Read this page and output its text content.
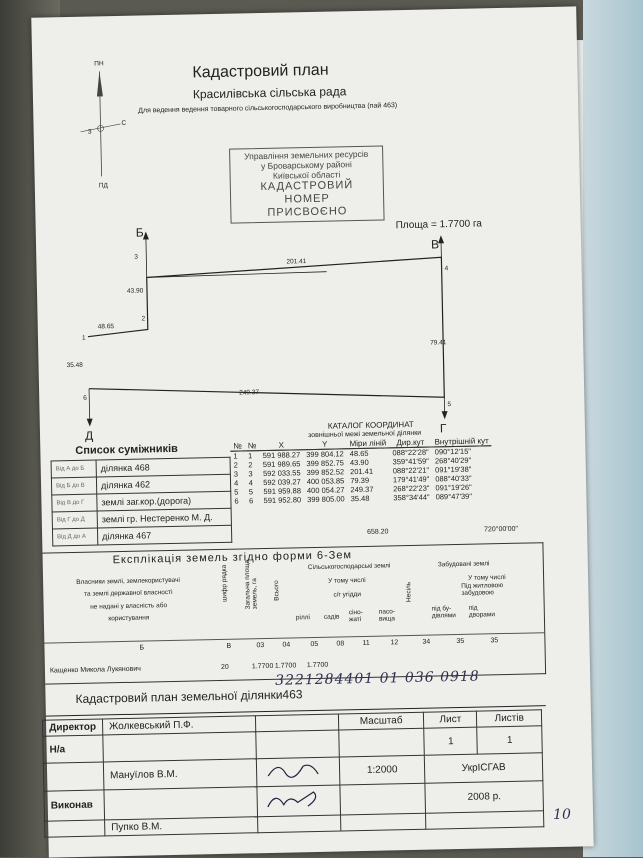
ПН
ПД
С
З
Кадастровий план
Красилівська сільська рада
Для ведення ведення товарного сільськогосподарського виробництва (пай 463)
Управління земельних ресурсів
у Броварському районі
Київської області
КАДАСТРОВИЙ НОМЕР
ПРИСВОЄНО
Площа = 1.7700 га
Б
В
Г
Д
1
2
3
4
5
6
201.41
43.90
48.65
35.48
79.41
249.37
КАТАЛОГ КООРДИНАТ
зовнішньої межі земельної ділянки
№	№	X	Y	Міри ліній	Дир.кут	Внутрішній кут
1	1	591 988.27	399 804.12	48.65	088°22'28"	090°12'15"
2	2	591 989.65	399 852.75	43.90	359°41'59"	268°40'29"
3	3	592 033.55	399 852.52	201.41	088°22'21"	091°19'38"
4	4	592 039.27	400 053.85	79.39	179°41'49"	088°40'33"
5	5	591 959.88	400 054.27	249.37	268°22'23"	091°19'26"
6	6	591 952.80	399 805.00	35.48	358°34'44"	089°47'39"
658.20	720°00'00"
Список суміжників
Від А до Б	ділянка 468
Від Б до В	ділянка 462
Від В до Г	землі заг.кор.(дорога)
Від Г до Д	землі гр. Нестеренко М. Д.
Від Д до А	ділянка 467
Експлікація земель згідно форми 6-Зем
Власники землі, землекористувачі
та землі державної власності
не надані у власність або
користування
шифр рядка Загальна площа земель, га Всього
Сільськогосподарські землі
У тому числі
с/г угідди
ріллі садів
сіно-жаті
пасо-вища
Несіль
Забудовані землі
У тому числі
Під житловою забудовою
під бу-дівлями
під дворами
Б	В	03	04	05	08	11	12	34	35	35
Кащенко Микола Лукянович	20	1.7700 1.7700 1.7700
3221284401 01 036 0918
Кадастровий план земельної ділянки463
Директор	Жолкевський П.Ф.		Масштаб	Лист	Листів
Н/а				1	1
	Мануїлов В.М.		1:2000	УкрІСГАВ	
Виконав				2008 р.	
	Пупко В.М.				
10
